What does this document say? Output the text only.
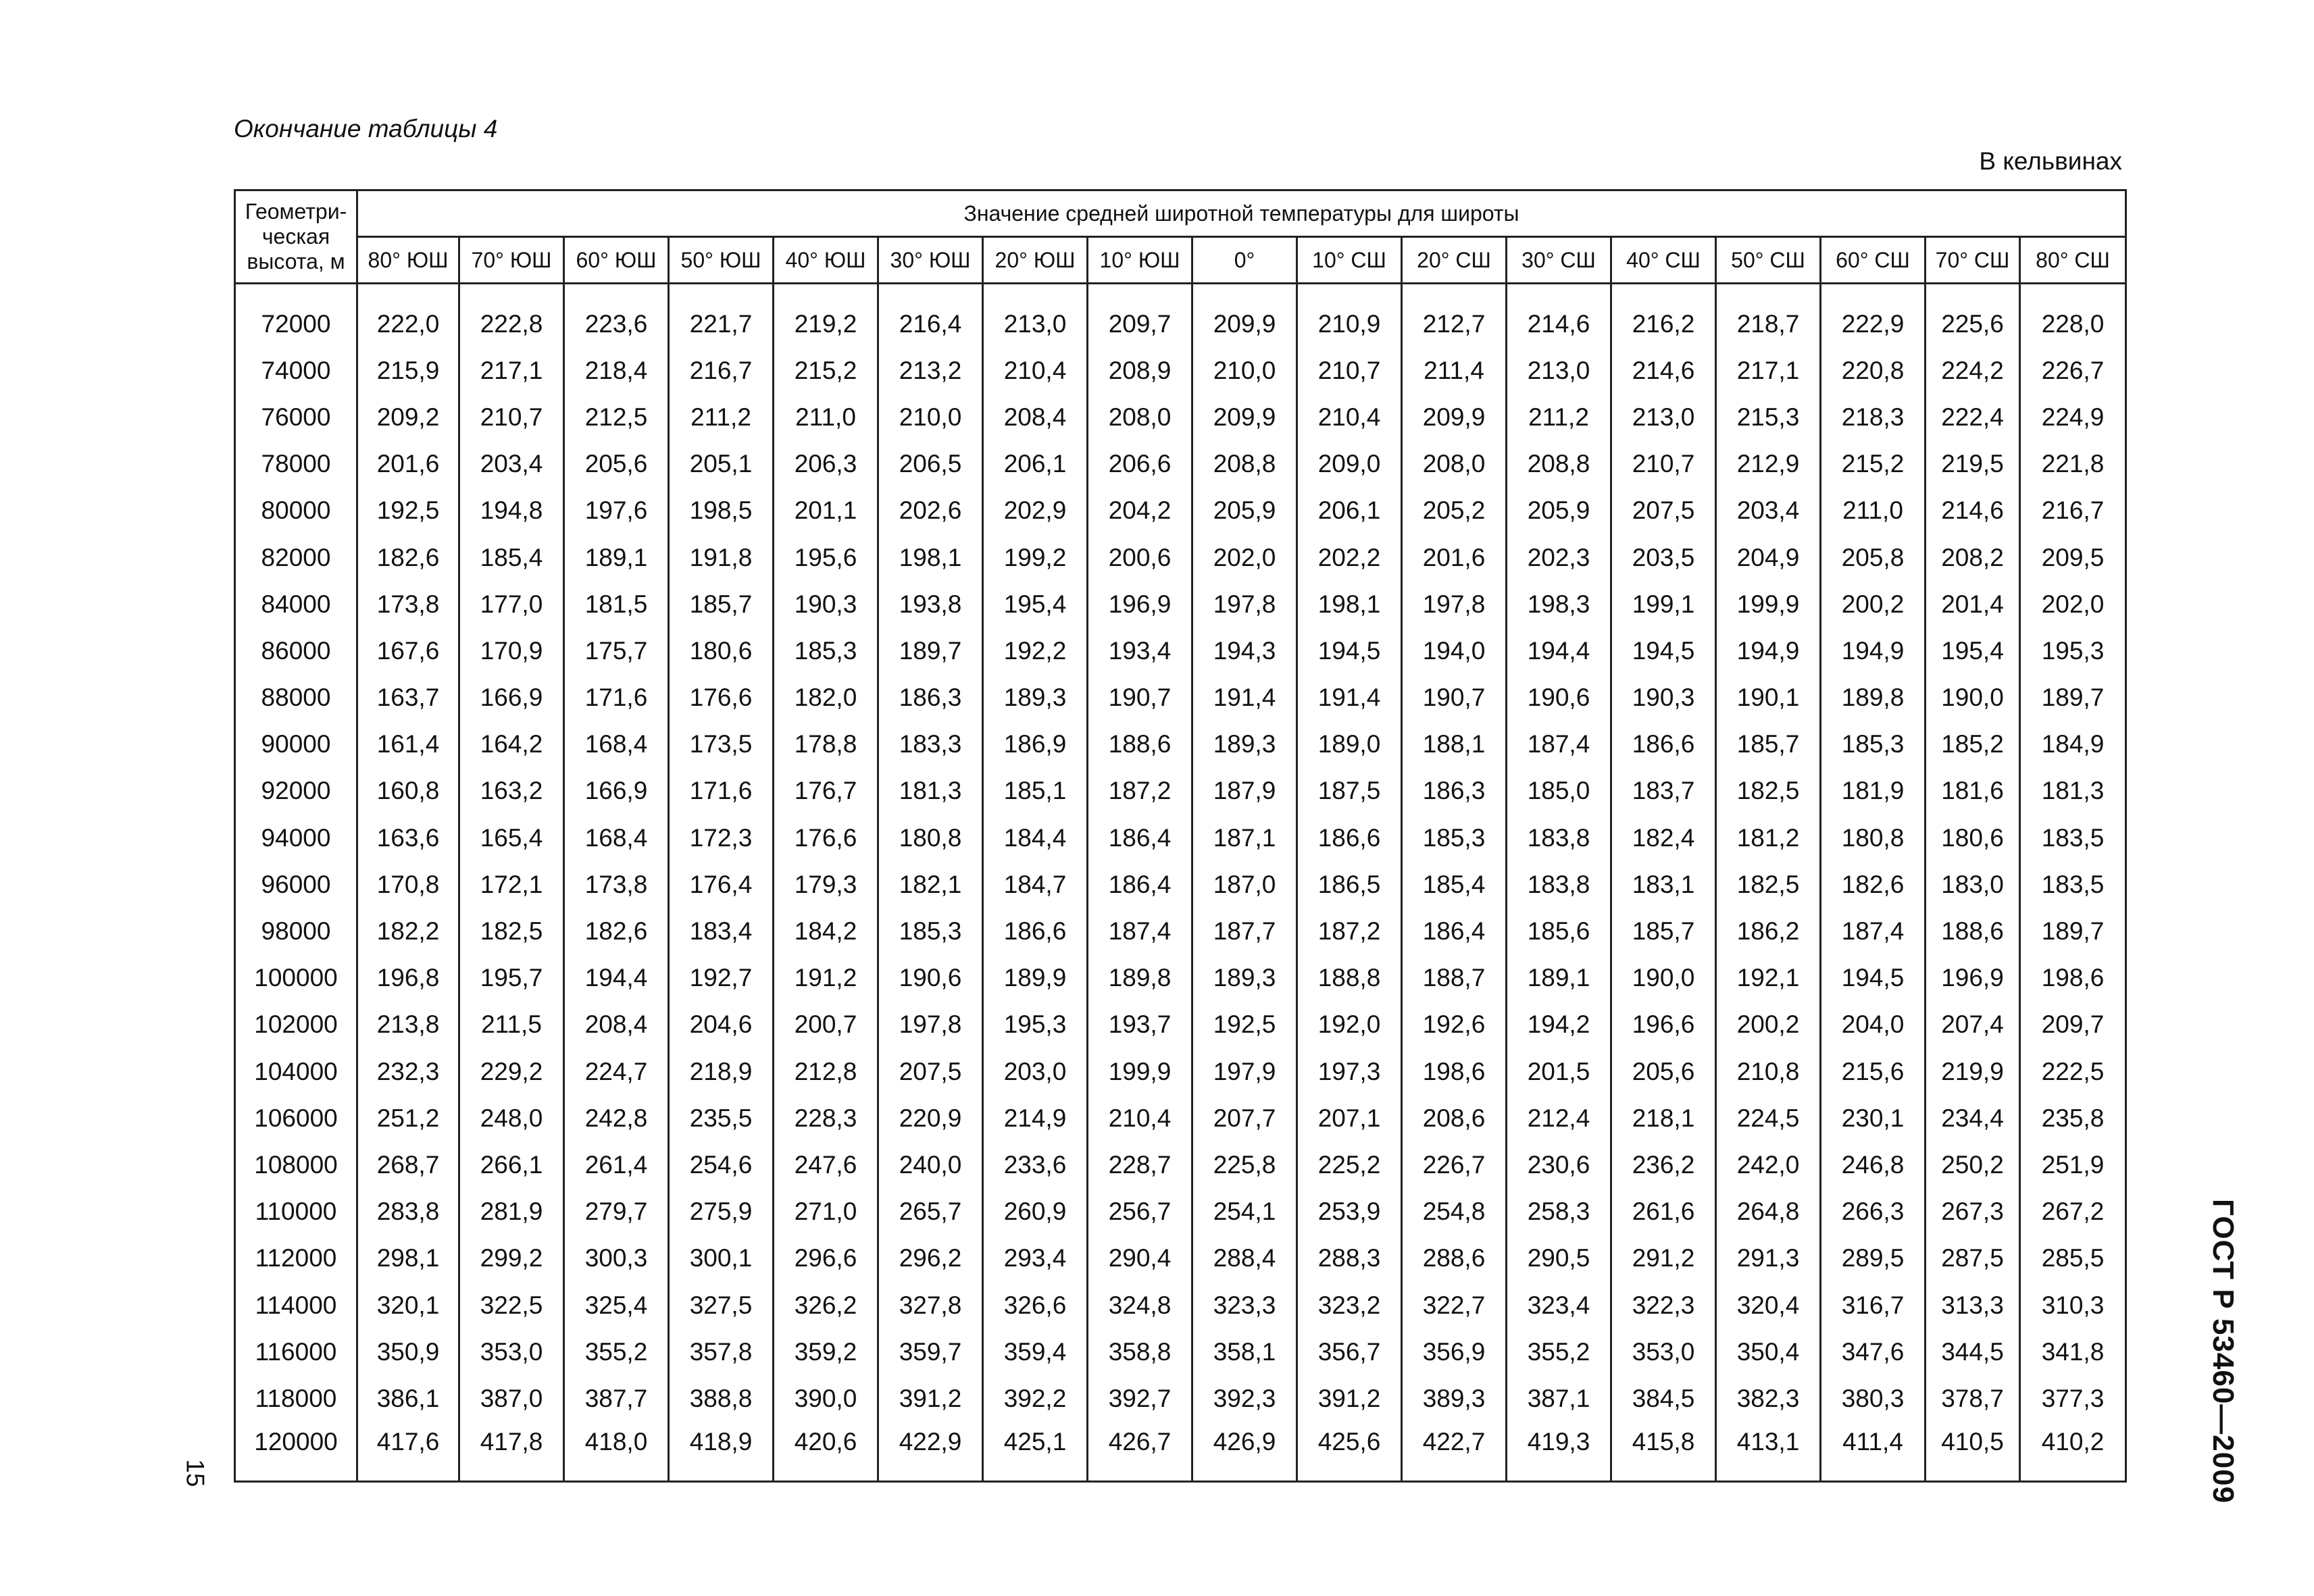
Окончание таблицы 4
В кельвинах
Геометри-
ческая
высота, м	Значение средней широтной температуры для широты																
	80° ЮШ	70° ЮШ	60° ЮШ	50° ЮШ	40° ЮШ	30° ЮШ	20° ЮШ	10° ЮШ	0°	10° СШ	20° СШ	30° СШ	40° СШ	50° СШ	60° СШ	70° СШ	80° СШ

72000	222,0	222,8	223,6	221,7	219,2	216,4	213,0	209,7	209,9	210,9	212,7	214,6	216,2	218,7	222,9	225,6	228,0
74000	215,9	217,1	218,4	216,7	215,2	213,2	210,4	208,9	210,0	210,7	211,4	213,0	214,6	217,1	220,8	224,2	226,7
76000	209,2	210,7	212,5	211,2	211,0	210,0	208,4	208,0	209,9	210,4	209,9	211,2	213,0	215,3	218,3	222,4	224,9
78000	201,6	203,4	205,6	205,1	206,3	206,5	206,1	206,6	208,8	209,0	208,0	208,8	210,7	212,9	215,2	219,5	221,8
80000	192,5	194,8	197,6	198,5	201,1	202,6	202,9	204,2	205,9	206,1	205,2	205,9	207,5	203,4	211,0	214,6	216,7
82000	182,6	185,4	189,1	191,8	195,6	198,1	199,2	200,6	202,0	202,2	201,6	202,3	203,5	204,9	205,8	208,2	209,5
84000	173,8	177,0	181,5	185,7	190,3	193,8	195,4	196,9	197,8	198,1	197,8	198,3	199,1	199,9	200,2	201,4	202,0
86000	167,6	170,9	175,7	180,6	185,3	189,7	192,2	193,4	194,3	194,5	194,0	194,4	194,5	194,9	194,9	195,4	195,3
88000	163,7	166,9	171,6	176,6	182,0	186,3	189,3	190,7	191,4	191,4	190,7	190,6	190,3	190,1	189,8	190,0	189,7
90000	161,4	164,2	168,4	173,5	178,8	183,3	186,9	188,6	189,3	189,0	188,1	187,4	186,6	185,7	185,3	185,2	184,9
92000	160,8	163,2	166,9	171,6	176,7	181,3	185,1	187,2	187,9	187,5	186,3	185,0	183,7	182,5	181,9	181,6	181,3
94000	163,6	165,4	168,4	172,3	176,6	180,8	184,4	186,4	187,1	186,6	185,3	183,8	182,4	181,2	180,8	180,6	183,5
96000	170,8	172,1	173,8	176,4	179,3	182,1	184,7	186,4	187,0	186,5	185,4	183,8	183,1	182,5	182,6	183,0	183,5
98000	182,2	182,5	182,6	183,4	184,2	185,3	186,6	187,4	187,7	187,2	186,4	185,6	185,7	186,2	187,4	188,6	189,7
100000	196,8	195,7	194,4	192,7	191,2	190,6	189,9	189,8	189,3	188,8	188,7	189,1	190,0	192,1	194,5	196,9	198,6
102000	213,8	211,5	208,4	204,6	200,7	197,8	195,3	193,7	192,5	192,0	192,6	194,2	196,6	200,2	204,0	207,4	209,7
104000	232,3	229,2	224,7	218,9	212,8	207,5	203,0	199,9	197,9	197,3	198,6	201,5	205,6	210,8	215,6	219,9	222,5
106000	251,2	248,0	242,8	235,5	228,3	220,9	214,9	210,4	207,7	207,1	208,6	212,4	218,1	224,5	230,1	234,4	235,8
108000	268,7	266,1	261,4	254,6	247,6	240,0	233,6	228,7	225,8	225,2	226,7	230,6	236,2	242,0	246,8	250,2	251,9
110000	283,8	281,9	279,7	275,9	271,0	265,7	260,9	256,7	254,1	253,9	254,8	258,3	261,6	264,8	266,3	267,3	267,2
112000	298,1	299,2	300,3	300,1	296,6	296,2	293,4	290,4	288,4	288,3	288,6	290,5	291,2	291,3	289,5	287,5	285,5
114000	320,1	322,5	325,4	327,5	326,2	327,8	326,6	324,8	323,3	323,2	322,7	323,4	322,3	320,4	316,7	313,3	310,3
116000	350,9	353,0	355,2	357,8	359,2	359,7	359,4	358,8	358,1	356,7	356,9	355,2	353,0	350,4	347,6	344,5	341,8
118000	386,1	387,0	387,7	388,8	390,0	391,2	392,2	392,7	392,3	391,2	389,3	387,1	384,5	382,3	380,3	378,7	377,3
120000	417,6	417,8	418,0	418,9	420,6	422,9	425,1	426,7	426,9	425,6	422,7	419,3	415,8	413,1	411,4	410,5	410,2	ГОСТ Р 53460—2009
15
